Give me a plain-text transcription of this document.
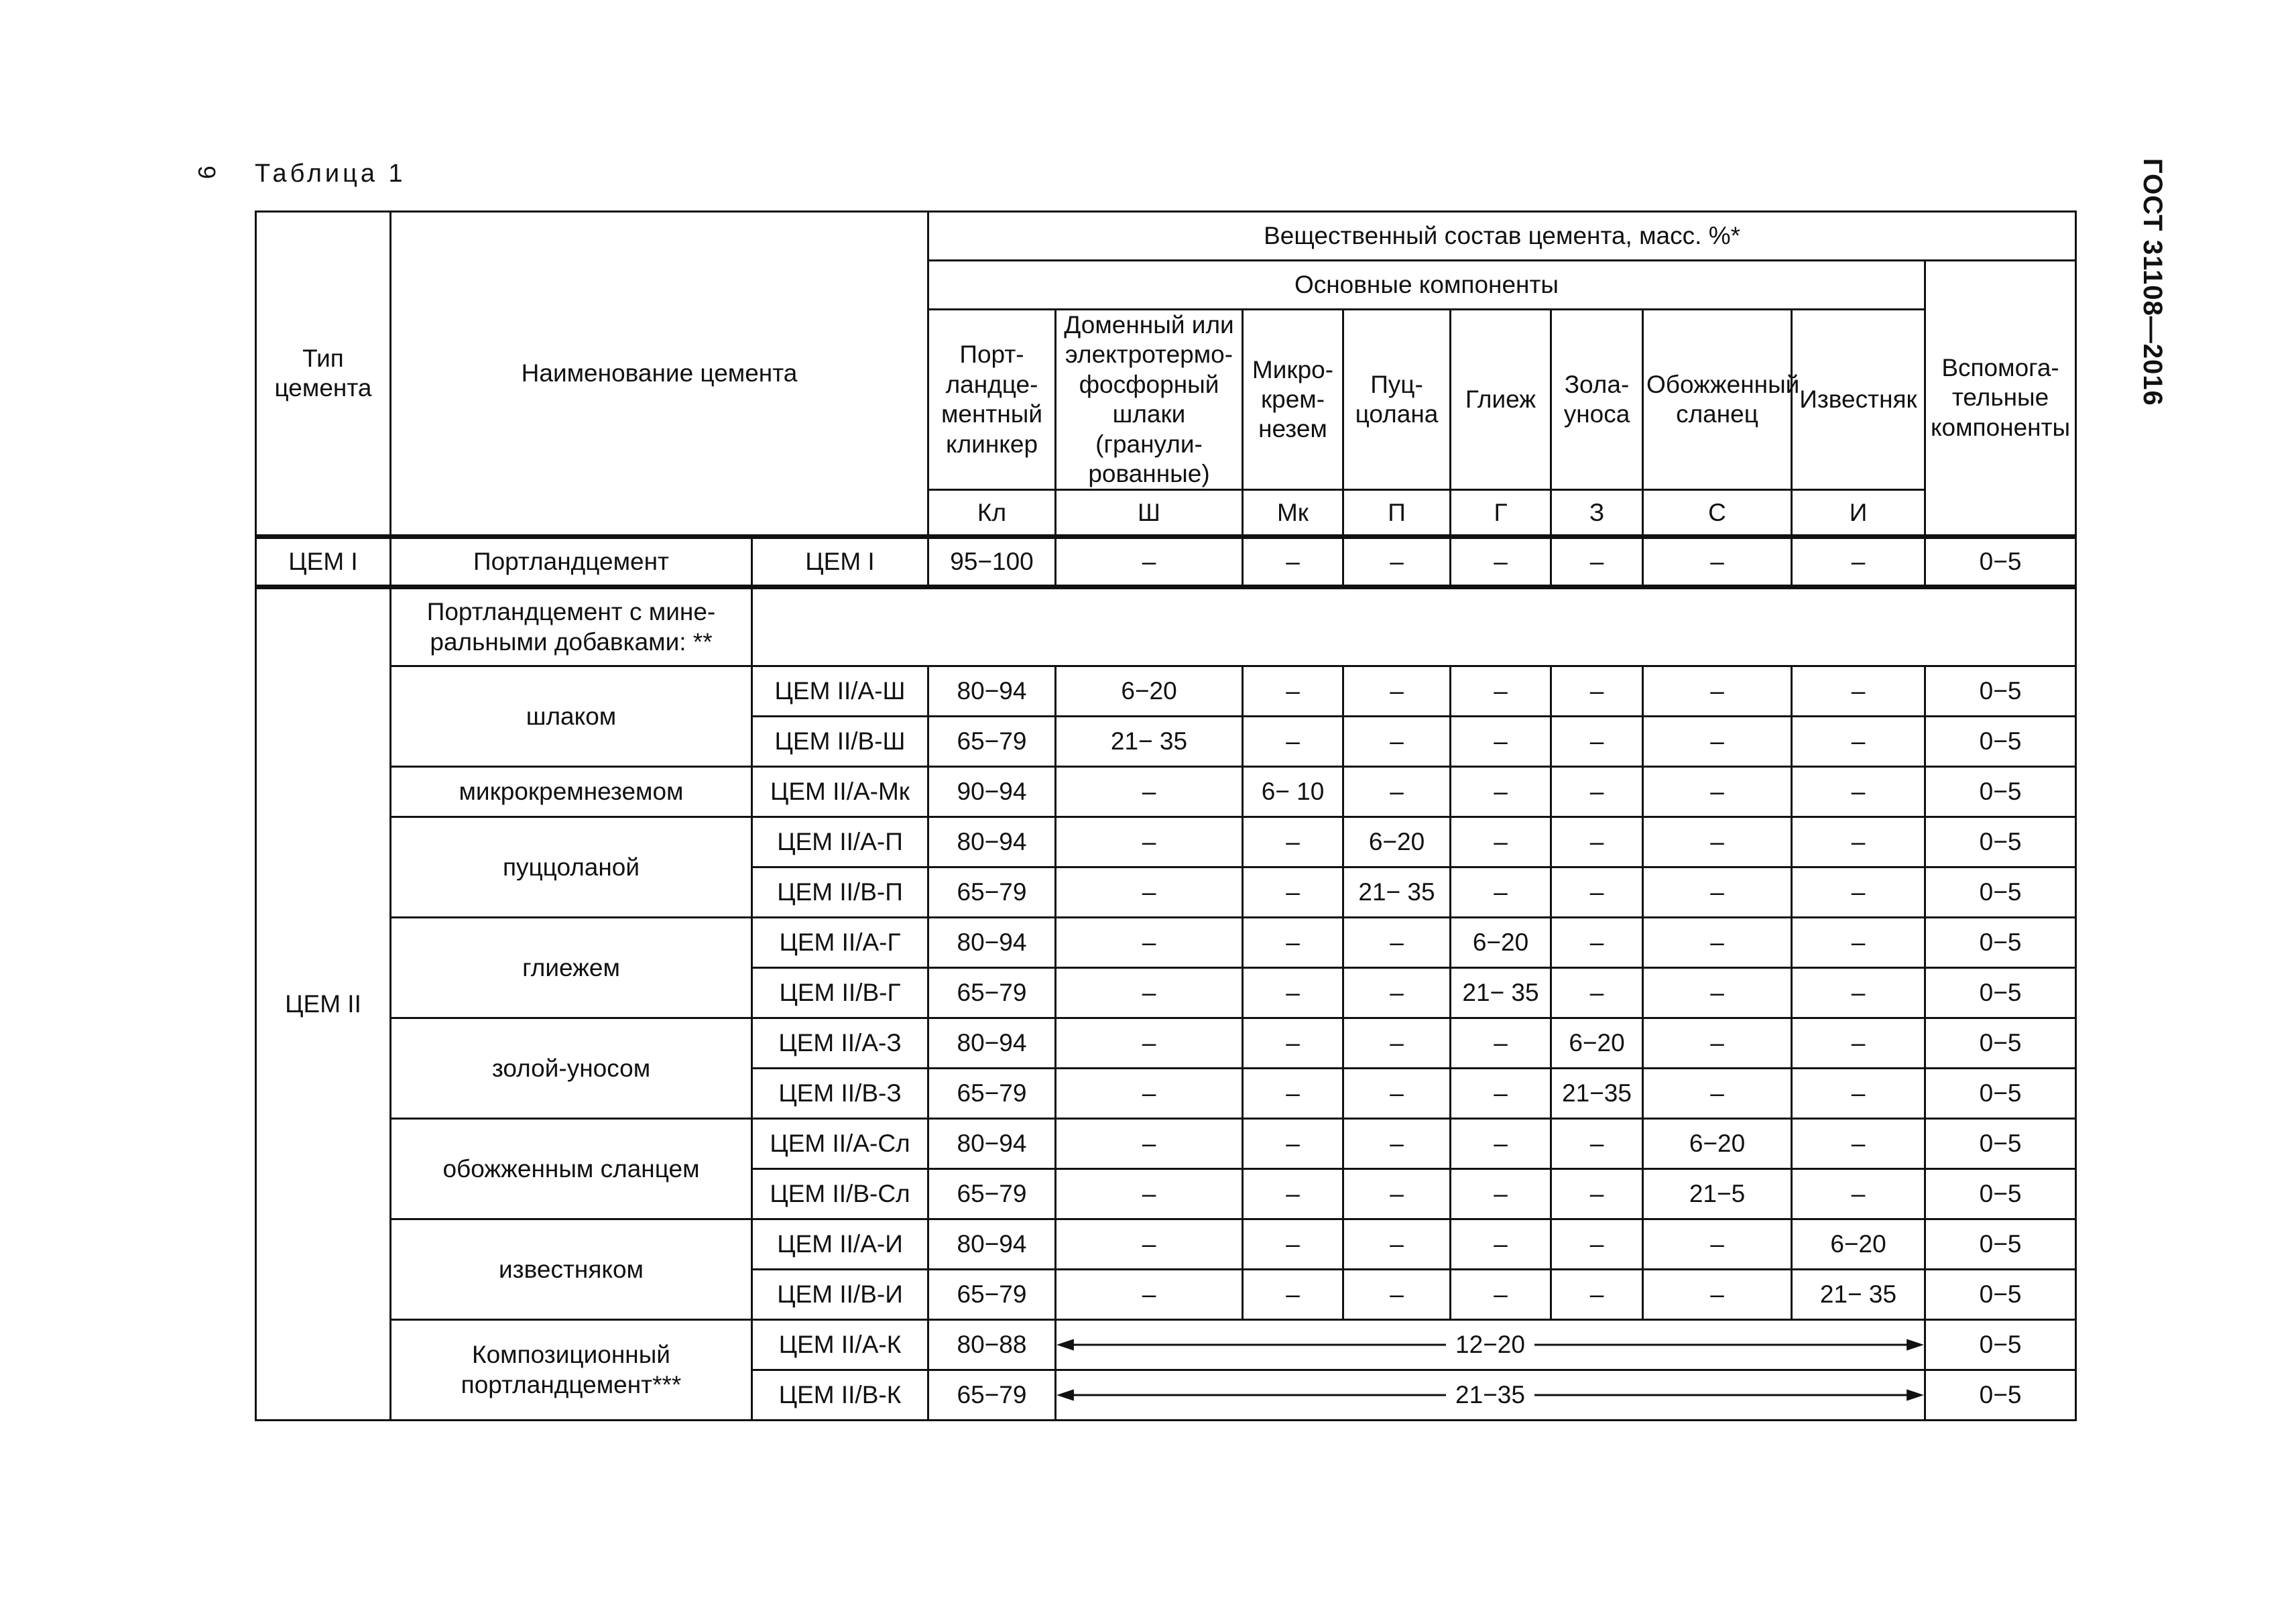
9 Таблица 1	ГОСТ 31108—2016
Тип цемента	Наименование цемента		Вещественный состав цемента, масс. %*								
			Основные компоненты								Вспомога-тельные компоненты
			Порт-ландце-ментный клинкер	Доменный или электротермо-фосфорный шлаки (гранули-рованные)	Микро-крем-незем	Пуц-цолана	Глиеж	Зола-уноса	Обожженный сланец	Известняк	
			Кл	Ш	Мк	П	Г	З	С	И	
ЦЕМ I	Портландцемент	ЦЕМ I	95−100	–	–	–	–	–	–	–	0−5
ЦЕМ II	Портландцемент с мине-ральными добавками: **										
	шлаком	ЦЕМ II/А-Ш	80−94	6−20	–	–	–	–	–	–	0−5
		ЦЕМ II/В-Ш	65−79	21− 35	–	–	–	–	–	–	0−5
	микрокремнеземом	ЦЕМ II/А-Мк	90−94	–	6− 10	–	–	–	–	–	0−5
	пуццоланой	ЦЕМ II/А-П	80−94	–	–	6−20	–	–	–	–	0−5
		ЦЕМ II/В-П	65−79	–	–	21− 35	–	–	–	–	0−5
	глиежем	ЦЕМ II/А-Г	80−94	–	–	–	6−20	–	–	–	0−5
		ЦЕМ II/В-Г	65−79	–	–	–	21− 35	–	–	–	0−5
	золой-уносом	ЦЕМ II/А-З	80−94	–	–	–	–	6−20	–	–	0−5
		ЦЕМ II/В-З	65−79	–	–	–	–	21−35	–	–	0−5
	обожженным сланцем	ЦЕМ II/А-Сл	80−94	–	–	–	–	–	6−20	–	0−5
		ЦЕМ II/В-Сл	65−79	–	–	–	–	–	21−5	–	0−5
	известняком	ЦЕМ II/А-И	80−94	–	–	–	–	–	–	6−20	0−5
		ЦЕМ II/В-И	65−79	–	–	–	–	–	–	21− 35	0−5
	Композиционный портландцемент***	ЦЕМ II/А-К	80−88	12−20							0−5
		ЦЕМ II/В-К	65−79	21−35							0−5
